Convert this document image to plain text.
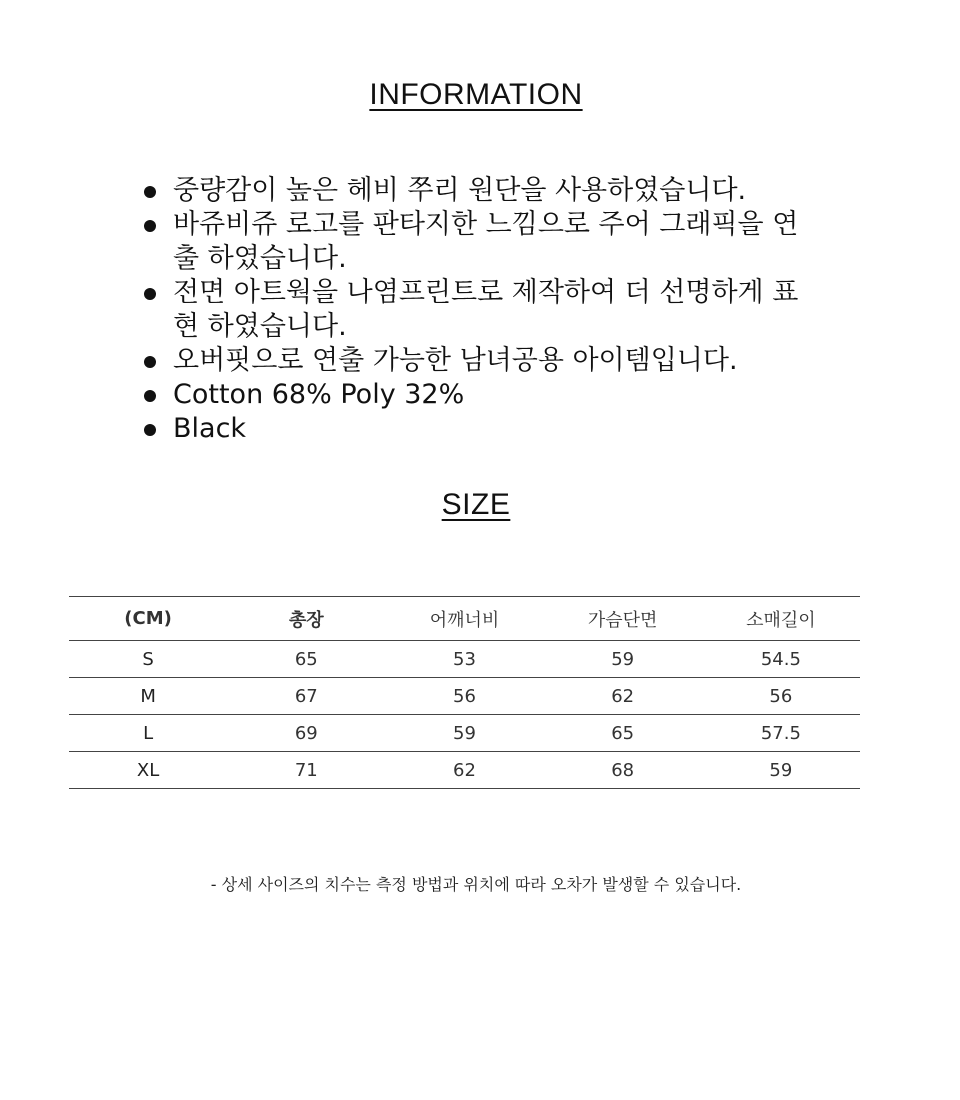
INFORMATION
중량감이 높은 헤비 쭈리 원단을 사용하였습니다.
바쥬비쥬 로고를 판타지한 느낌으로 주어 그래픽을 연출 하였습니다.
전면 아트웍을 나염프린트로 제작하여 더 선명하게 표현 하였습니다.
오버핏으로 연출 가능한 남녀공용 아이템입니다.
Cotton 68% Poly 32%
Black
SIZE
(CM)	총장	어깨너비	가슴단면	소매길이
S	65	53	59	54.5
M	67	56	62	56
L	69	59	65	57.5
XL	71	62	68	59
- 상세 사이즈의 치수는 측정 방법과 위치에 따라 오차가 발생할 수 있습니다.
